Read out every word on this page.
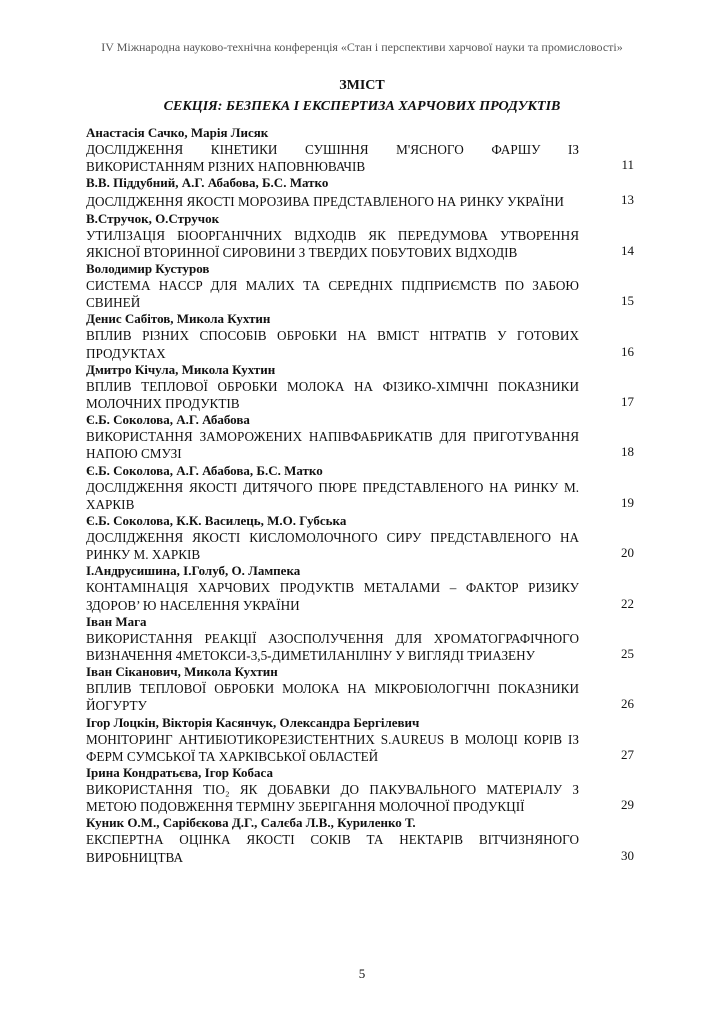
IV Міжнародна науково-технічна конференція «Стан і перспективи харчової науки та промисловості»
ЗМІСТ
СЕКЦІЯ: БЕЗПЕКА І ЕКСПЕРТИЗА ХАРЧОВИХ ПРОДУКТІВ
Анастасія Сачко, Марія Лисяк
ДОСЛІДЖЕННЯ КІНЕТИКИ СУШІННЯ М'ЯСНОГО ФАРШУ ІЗ ВИКОРИСТАННЯМ РІЗНИХ НАПОВНЮВАЧІВ	11
В.В. Піддубний, А.Г. Абабова, Б.С. Матко
ДОСЛІДЖЕННЯ ЯКОСТІ МОРОЗИВА ПРЕДСТАВЛЕНОГО НА РИНКУ УКРАЇНИ	13
В.Стручок, О.Стручок
УТИЛІЗАЦІЯ БІООРГАНІЧНИХ ВІДХОДІВ ЯК ПЕРЕДУМОВА УТВОРЕННЯ ЯКІСНОЇ ВТОРИННОЇ СИРОВИНИ З ТВЕРДИХ ПОБУТОВИХ ВІДХОДІВ	14
Володимир Кустуров
СИСТЕМА HACCP ДЛЯ МАЛИХ ТА СЕРЕДНІХ ПІДПРИЄМСТВ ПО ЗАБОЮ СВИНЕЙ	15
Денис Сабітов, Микола Кухтин
ВПЛИВ РІЗНИХ СПОСОБІВ ОБРОБКИ НА ВМІСТ НІТРАТІВ У ГОТОВИХ ПРОДУКТАХ	16
Дмитро Кічула, Микола Кухтин
ВПЛИВ ТЕПЛОВОЇ ОБРОБКИ МОЛОКА НА ФІЗИКО-ХІМІЧНІ ПОКАЗНИКИ МОЛОЧНИХ ПРОДУКТІВ	17
Є.Б. Соколова, А.Г. Абабова
ВИКОРИСТАННЯ ЗАМОРОЖЕНИХ НАПІВФАБРИКАТІВ ДЛЯ ПРИГОТУВАННЯ НАПОЮ СМУЗІ	18
Є.Б. Соколова, А.Г. Абабова, Б.С. Матко
ДОСЛІДЖЕННЯ ЯКОСТІ ДИТЯЧОГО ПЮРЕ ПРЕДСТАВЛЕНОГО НА РИНКУ М. ХАРКІВ	19
Є.Б. Соколова, К.К. Василець, М.О. Губська
ДОСЛІДЖЕННЯ ЯКОСТІ КИСЛОМОЛОЧНОГО СИРУ ПРЕДСТАВЛЕНОГО НА РИНКУ М. ХАРКІВ	20
І.Андрусишина, І.Голуб, О. Лампека
КОНТАМІНАЦІЯ ХАРЧОВИХ ПРОДУКТІВ МЕТАЛАМИ – ФАКТОР РИЗИКУ ЗДОРОВ’ Ю НАСЕЛЕННЯ УКРАЇНИ	22
Іван Мага
ВИКОРИСТАННЯ РЕАКЦІЇ АЗОСПОЛУЧЕННЯ ДЛЯ ХРОМАТОГРАФІЧНОГО ВИЗНАЧЕННЯ 4МЕТОКСИ-3,5-ДИМЕТИЛАНІЛІНУ У ВИГЛЯДІ ТРИАЗЕНУ	25
Іван Сіканович, Микола Кухтин
ВПЛИВ ТЕПЛОВОЇ ОБРОБКИ МОЛОКА НА МІКРОБІОЛОГІЧНІ ПОКАЗНИКИ ЙОГУРТУ	26
Ігор Лоцкін, Вікторія Касянчук, Олександра Бергілевич
МОНІТОРИНГ АНТИБІОТИКОРЕЗИСТЕНТНИХ S.AUREUS В МОЛОЦІ КОРІВ ІЗ ФЕРМ СУМСЬКОЇ ТА ХАРКІВСЬКОЇ ОБЛАСТЕЙ	27
Ірина Кондратьєва, Ігор Кобаса
ВИКОРИСТАННЯ TIO₂ ЯК ДОБАВКИ ДО ПАКУВАЛЬНОГО МАТЕРІАЛУ З МЕТОЮ ПОДОВЖЕННЯ ТЕРМІНУ ЗБЕРІГАННЯ МОЛОЧНОЇ ПРОДУКЦІЇ	29
Куник О.М., Сарібєкова Д.Г., Салєба Л.В., Куриленко Т.
ЕКСПЕРТНА ОЦІНКА ЯКОСТІ СОКІВ ТА НЕКТАРІВ ВІТЧИЗНЯНОГО ВИРОБНИЦТВА	30
5
